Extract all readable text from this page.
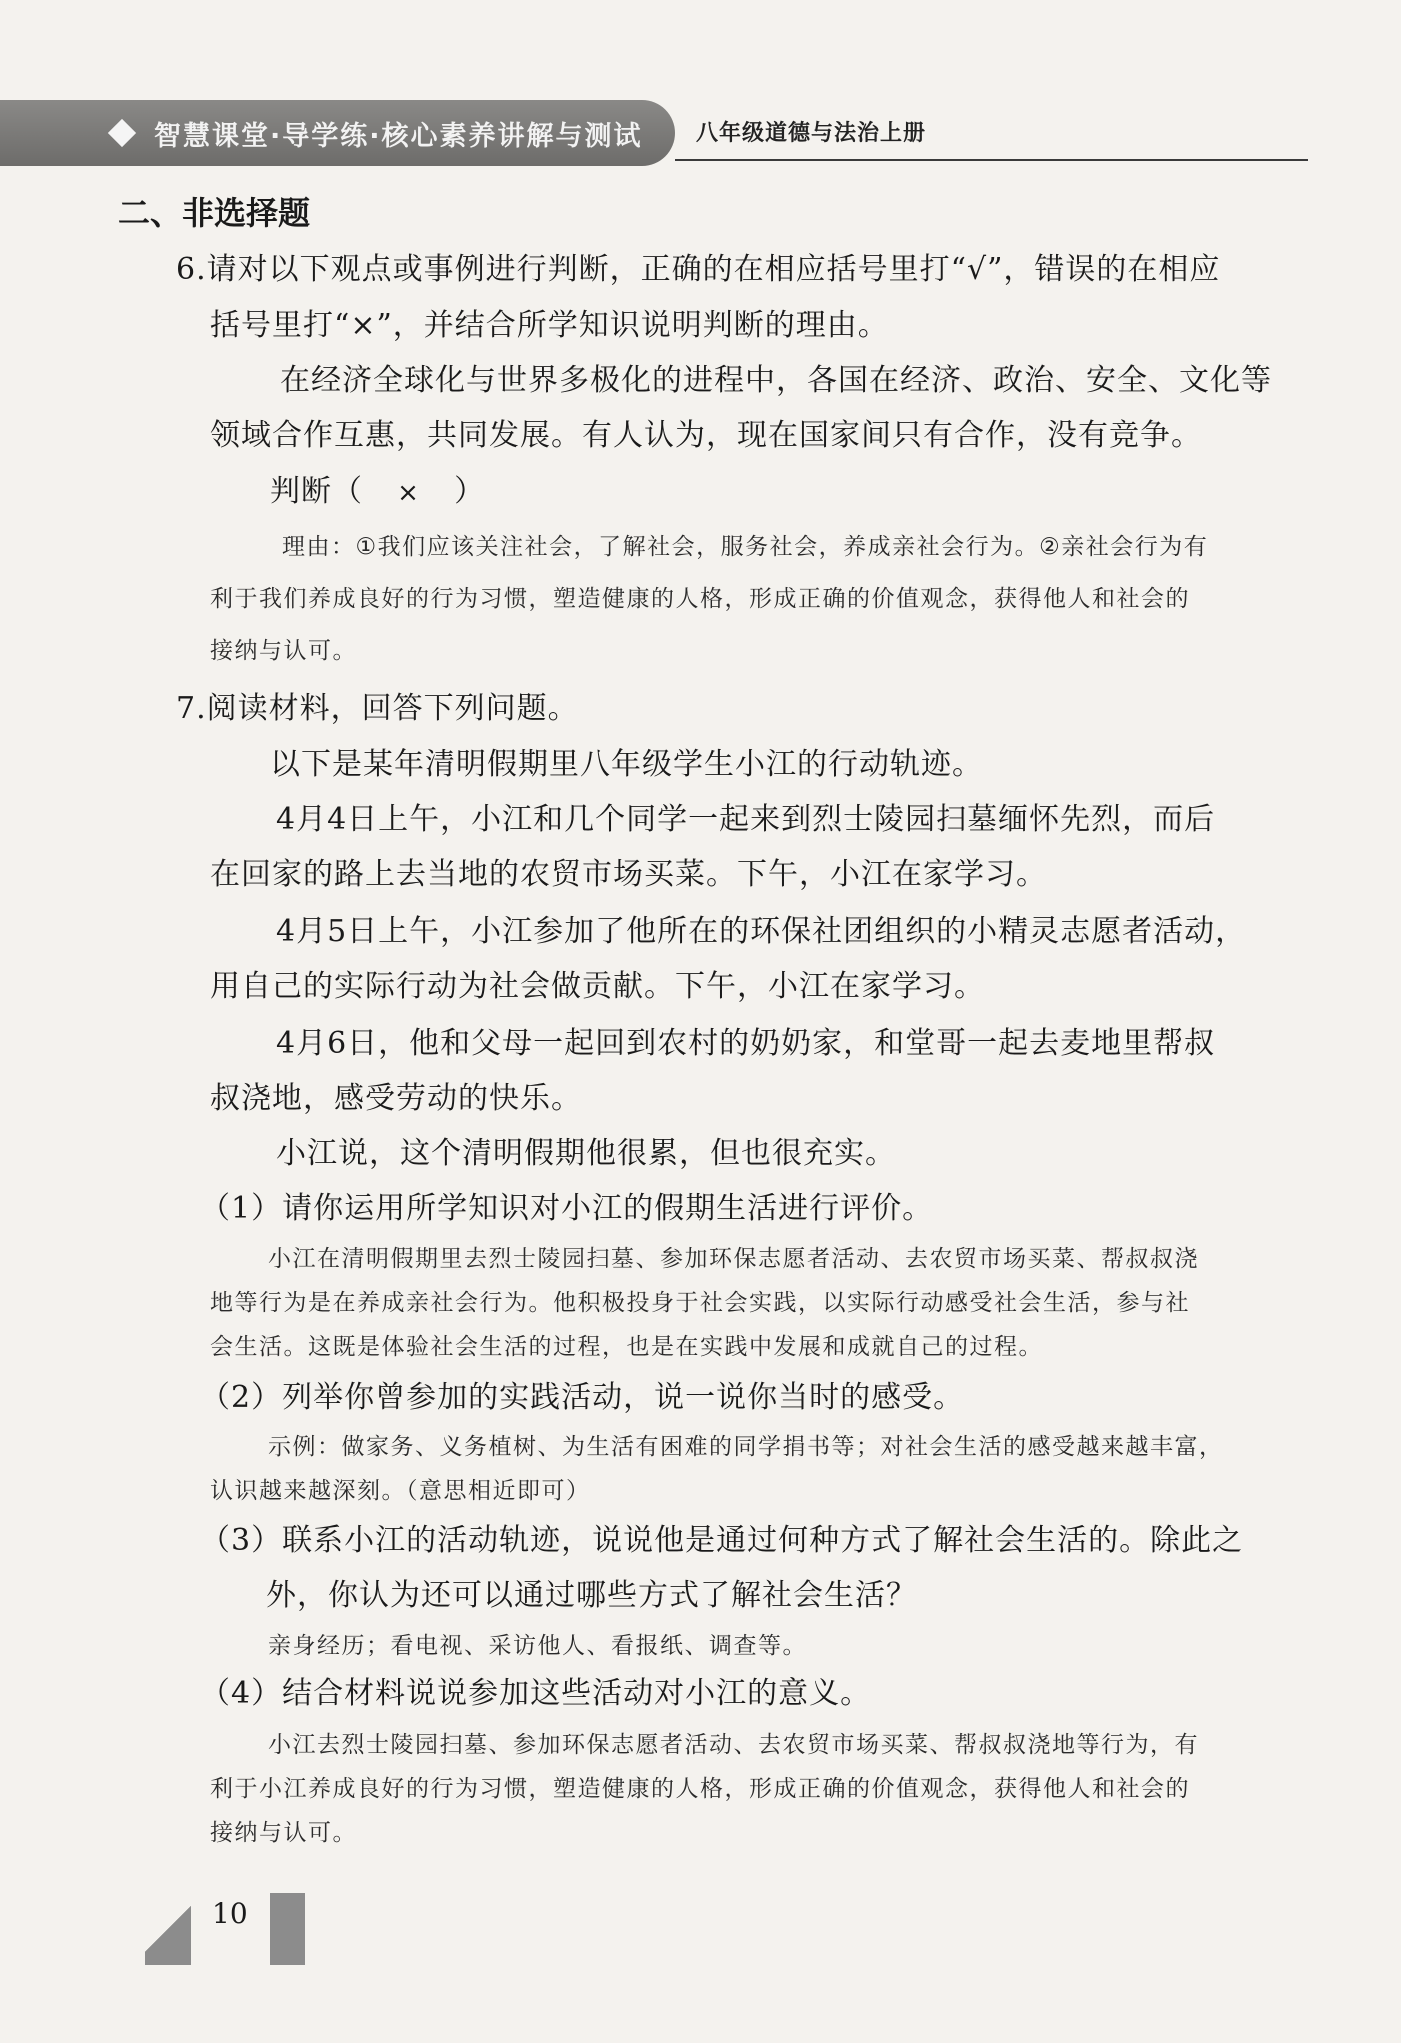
智慧课堂·导学练·核心素养讲解与测试 八年级道德与法治上册
二、非选择题
6.请对以下观点或事例进行判断，正确的在相应括号里打“√”，错误的在相应
括号里打“×”，并结合所学知识说明判断的理由。
在经济全球化与世界多极化的进程中，各国在经济、政治、安全、文化等
领域合作互惠，共同发展。有人认为，现在国家间只有合作，没有竞争。
判断（ × ）
理由：①我们应该关注社会，了解社会，服务社会，养成亲社会行为。②亲社会行为有
利于我们养成良好的行为习惯，塑造健康的人格，形成正确的价值观念，获得他人和社会的
接纳与认可。
7.阅读材料，回答下列问题。
以下是某年清明假期里八年级学生小江的行动轨迹。
4月4日上午，小江和几个同学一起来到烈士陵园扫墓缅怀先烈，而后
在回家的路上去当地的农贸市场买菜。下午，小江在家学习。
4月5日上午，小江参加了他所在的环保社团组织的小精灵志愿者活动，
用自己的实际行动为社会做贡献。下午，小江在家学习。
4月6日，他和父母一起回到农村的奶奶家，和堂哥一起去麦地里帮叔
叔浇地，感受劳动的快乐。
小江说，这个清明假期他很累，但也很充实。
（1）请你运用所学知识对小江的假期生活进行评价。
小江在清明假期里去烈士陵园扫墓、参加环保志愿者活动、去农贸市场买菜、帮叔叔浇
地等行为是在养成亲社会行为。他积极投身于社会实践，以实际行动感受社会生活，参与社
会生活。这既是体验社会生活的过程，也是在实践中发展和成就自己的过程。
（2）列举你曾参加的实践活动，说一说你当时的感受。
示例：做家务、义务植树、为生活有困难的同学捐书等；对社会生活的感受越来越丰富，
认识越来越深刻。（意思相近即可）
（3）联系小江的活动轨迹，说说他是通过何种方式了解社会生活的。除此之
外，你认为还可以通过哪些方式了解社会生活？
亲身经历；看电视、采访他人、看报纸、调查等。
（4）结合材料说说参加这些活动对小江的意义。
小江去烈士陵园扫墓、参加环保志愿者活动、去农贸市场买菜、帮叔叔浇地等行为，有
利于小江养成良好的行为习惯，塑造健康的人格，形成正确的价值观念，获得他人和社会的
接纳与认可。
10
